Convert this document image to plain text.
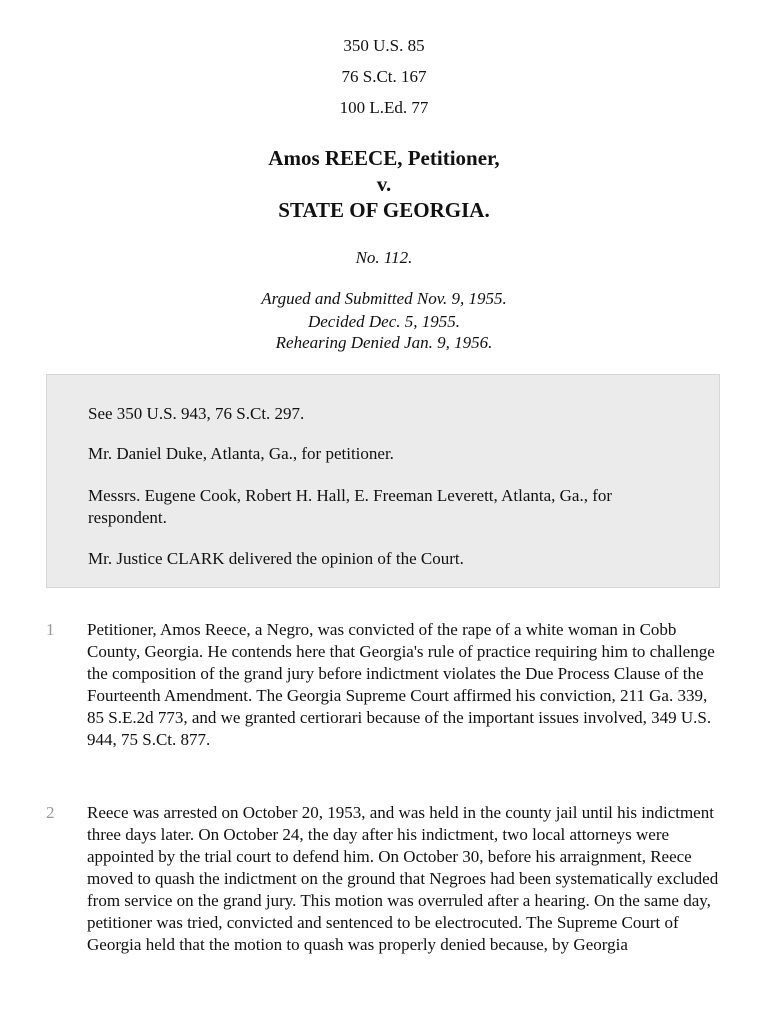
350 U.S. 85
76 S.Ct. 167
100 L.Ed. 77
Amos REECE, Petitioner,
v.
STATE OF GEORGIA.
No. 112.
Argued and Submitted Nov. 9, 1955.
Decided Dec. 5, 1955.
Rehearing Denied Jan. 9, 1956.

See 350 U.S. 943, 76 S.Ct. 297.

Mr. Daniel Duke, Atlanta, Ga., for petitioner.

Messrs. Eugene Cook, Robert H. Hall, E. Freeman Leverett, Atlanta, Ga., for respondent.

Mr. Justice CLARK delivered the opinion of the Court.

1 Petitioner, Amos Reece, a Negro, was convicted of the rape of a white woman in Cobb County, Georgia. He contends here that Georgia's rule of practice requiring him to challenge the composition of the grand jury before indictment violates the Due Process Clause of the Fourteenth Amendment. The Georgia Supreme Court affirmed his conviction, 211 Ga. 339, 85 S.E.2d 773, and we granted certiorari because of the important issues involved, 349 U.S. 944, 75 S.Ct. 877.

2 Reece was arrested on October 20, 1953, and was held in the county jail until his indictment three days later. On October 24, the day after his indictment, two local attorneys were appointed by the trial court to defend him. On October 30, before his arraignment, Reece moved to quash the indictment on the ground that Negroes had been systematically excluded from service on the grand jury. This motion was overruled after a hearing. On the same day, petitioner was tried, convicted and sentenced to be electrocuted. The Supreme Court of Georgia held that the motion to quash was properly denied because, by Georgia
